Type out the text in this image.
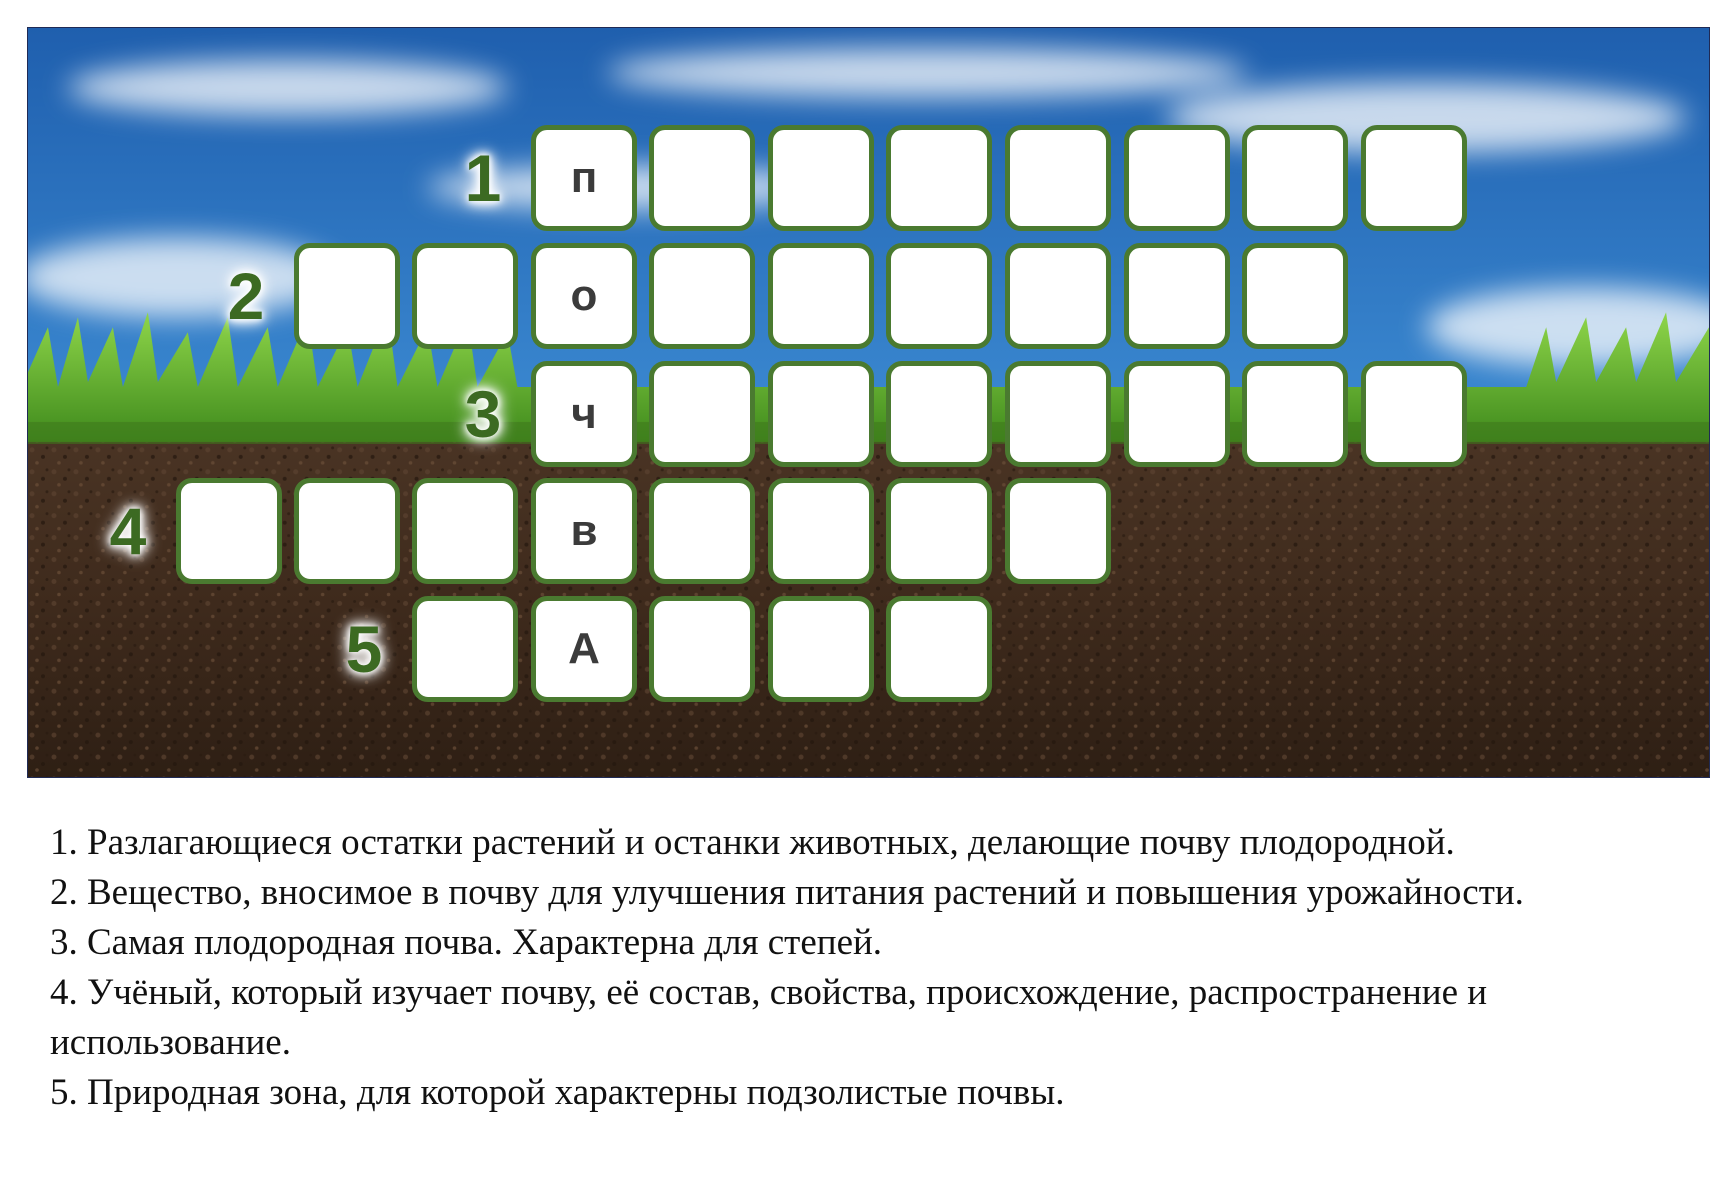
1	п
2	о
3	ч
4	в
5	А

1. Разлагающиеся остатки растений и останки животных, делающие почву плодородной.

2. Вещество, вносимое в почву для улучшения питания растений и повышения урожайности.

3. Самая плодородная почва. Характерна для степей.

4. Учёный, который изучает почву, её состав, свойства, происхождение, распространение и использование.

5. Природная зона, для которой характерны подзолистые почвы.
